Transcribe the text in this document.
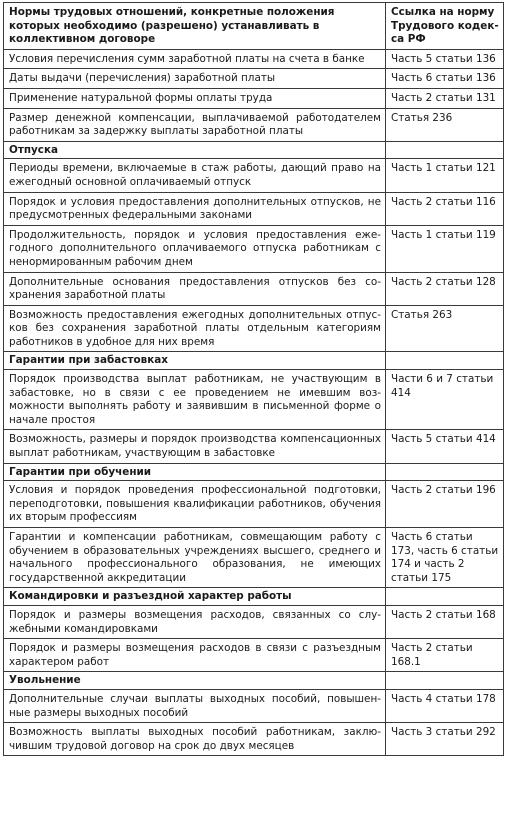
Нормы трудовых отношений, конкретные положения которых необходимо (разрешено) устанавливать в коллективном договоре	Ссылка на норму Трудового кодекса РФ
Условия перечисления сумм заработной платы на счета в банке	Часть 5 статьи 136
Даты выдачи (перечисления) заработной платы	Часть 6 статьи 136
Применение натуральной формы оплаты труда	Часть 2 статьи 131
Размер денежной компенсации, выплачиваемой работодателем работникам за задержку выплаты заработной платы	Статья 236
Отпуска	
Периоды времени, включаемые в стаж работы, дающий право на ежегодный основной оплачиваемый отпуск	Часть 1 статьи 121
Порядок и условия предоставления дополнительных отпусков, не предусмотренных федеральными законами	Часть 2 статьи 116
Продолжительность, порядок и условия предоставления ежегодного дополнительного оплачиваемого отпуска работникам с ненормированным рабочим днем	Часть 1 статьи 119
Дополнительные основания предоставления отпусков без сохранения заработной платы	Часть 2 статьи 128
Возможность предоставления ежегодных дополнительных отпусков без сохранения заработной платы отдельным категориям работников в удобное для них время	Статья 263
Гарантии при забастовках	
Порядок производства выплат работникам, не участвующим в забастовке, но в связи с ее проведением не имевшим возможности выполнять работу и заявившим в письменной форме о начале простоя	Части 6 и 7 статьи 414
Возможность, размеры и порядок производства компенсационных выплат работникам, участвующим в забастовке	Часть 5 статьи 414
Гарантии при обучении	
Условия и порядок проведения профессиональной подготовки, переподготовки, повышения квалификации работников, обучения их вторым профессиям	Часть 2 статьи 196
Гарантии и компенсации работникам, совмещающим работу с обучением в образовательных учреждениях высшего, среднего и начального профессионального образования, не имеющих государственной аккредитации	Часть 6 статьи 173, часть 6 статьи 174 и часть 2 статьи 175
Командировки и разъездной характер работы	
Порядок и размеры возмещения расходов, связанных со служебными командировками	Часть 2 статьи 168
Порядок и размеры возмещения расходов в связи с разъездным характером работ	Часть 2 статьи 168.1
Увольнение	
Дополнительные случаи выплаты выходных пособий, повышенные размеры выходных пособий	Часть 4 статьи 178
Возможность выплаты выходных пособий работникам, заключившим трудовой договор на срок до двух месяцев	Часть 3 статьи 292
